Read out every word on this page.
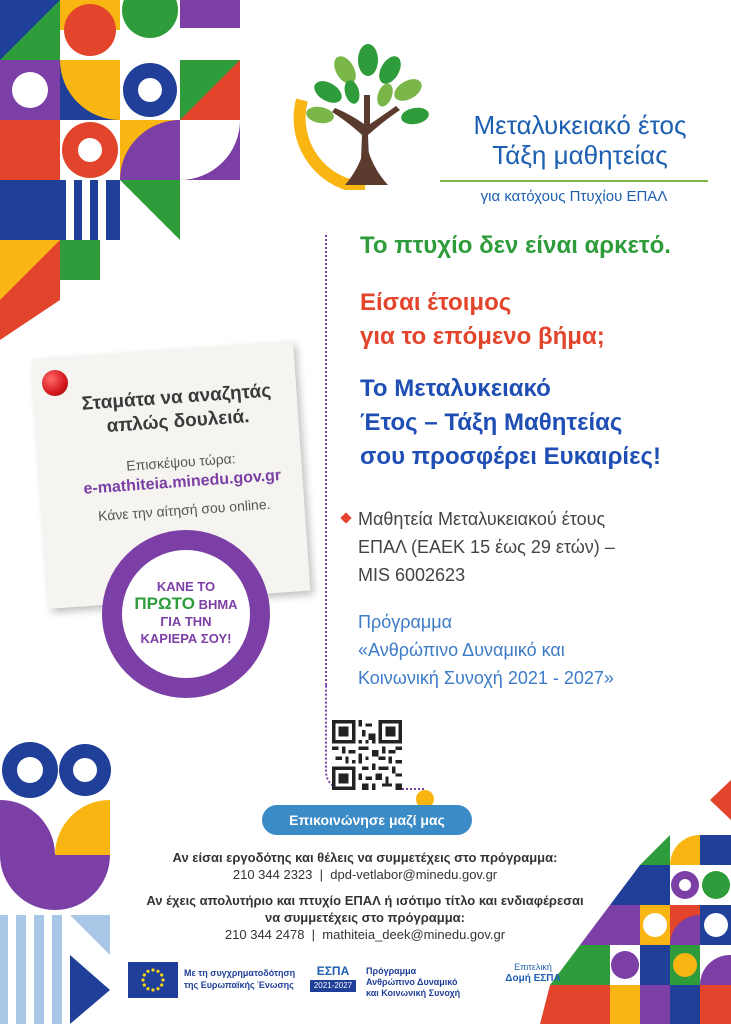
Μεταλυκειακό έτος
Τάξη μαθητείας
για κατόχους Πτυχίου ΕΠΑΛ
Το πτυχίο δεν είναι αρκετό.
Είσαι έτοιμος
για το επόμενο βήμα;
Το Μεταλυκειακό
Έτος – Τάξη Μαθητείας
σου προσφέρει Ευκαιρίες!
Μαθητεία Μεταλυκειακού έτους
ΕΠΑΛ (ΕΑΕΚ 15 έως 29 ετών) –
MIS 6002623
Πρόγραμμα
«Ανθρώπινο Δυναμικό και
Κοινωνική Συνοχή 2021 - 2027»
Σταμάτα να αναζητάς
απλώς δουλειά.
Επισκέψου τώρα:
e-mathiteia.minedu.gov.gr
Κάνε την αίτησή σου online.
ΚΑΝΕ ΤΟ
ΠΡΩΤΟ ΒΗΜΑ
ΓΙΑ ΤΗΝ
ΚΑΡΙΕΡΑ ΣΟΥ!
Επικοινώνησε μαζί μας
Αν είσαι εργοδότης και θέλεις να συμμετέχεις στο πρόγραμμα:
210 344 2323 | dpd-vetlabor@minedu.gov.gr
Αν έχεις απολυτήριο και πτυχίο ΕΠΑΛ ή ισότιμο τίτλο και ενδιαφέρεσαι
να συμμετέχεις στο πρόγραμμα:
210 344 2478 | mathiteia_deek@minedu.gov.gr
Με τη συγχρηματοδότηση
της Ευρωπαϊκής Ένωσης
ΕΣΠΑ
2021-2027
Πρόγραμμα
Ανθρώπινο Δυναμικό
και Κοινωνική Συνοχή
Επιτελική
Δομή ΕΣΠΑ
